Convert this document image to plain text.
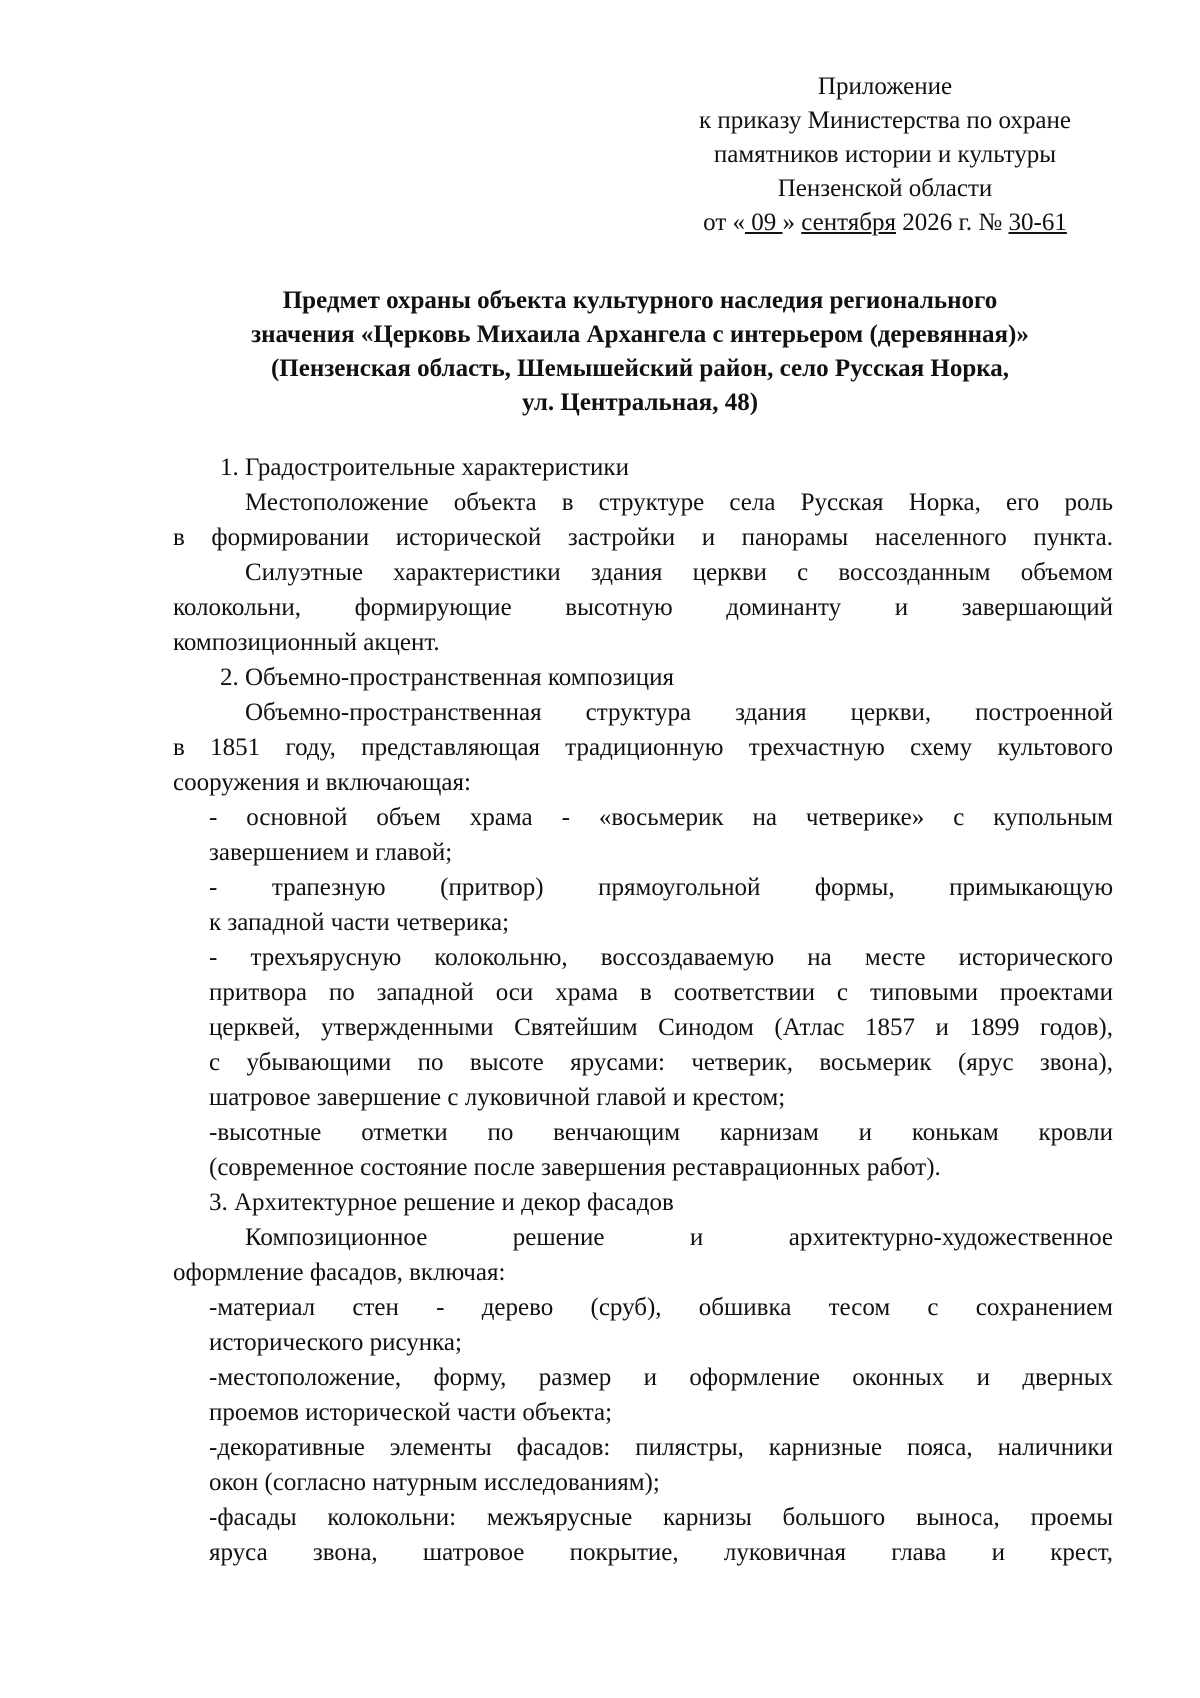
Приложение
к приказу Министерства по охране
памятников истории и культуры
Пензенской области
от « 09 » сентября 2026 г. № 30-61
Предмет охраны объекта культурного наследия регионального
значения «Церковь Михаила Архангела с интерьером (деревянная)»
(Пензенская область, Шемышейский район, село Русская Норка,
ул. Центральная, 48)
1. Градостроительные характеристики
Местоположение объекта в структуре села Русская Норка, его роль
в формировании исторической застройки и панорамы населенного пункта.
Силуэтные характеристики здания церкви с воссозданным объемом
колокольни, формирующие высотную доминанту и завершающий
композиционный акцент.
2. Объемно-пространственная композиция
Объемно-пространственная структура здания церкви, построенной
в 1851 году, представляющая традиционную трехчастную схему культового
сооружения и включающая:
- основной объем храма - «восьмерик на четверике» с купольным
завершением и главой;
- трапезную (притвор) прямоугольной формы, примыкающую
к западной части четверика;
- трехъярусную колокольню, воссоздаваемую на месте исторического
притвора по западной оси храма в соответствии с типовыми проектами
церквей, утвержденными Святейшим Синодом (Атлас 1857 и 1899 годов),
с убывающими по высоте ярусами: четверик, восьмерик (ярус звона),
шатровое завершение с луковичной главой и крестом;
-высотные отметки по венчающим карнизам и конькам кровли
(современное состояние после завершения реставрационных работ).
3. Архитектурное решение и декор фасадов
Композиционное решение и архитектурно-художественное
оформление фасадов, включая:
-материал стен - дерево (сруб), обшивка тесом с сохранением
исторического рисунка;
-местоположение, форму, размер и оформление оконных и дверных
проемов исторической части объекта;
-декоративные элементы фасадов: пилястры, карнизные пояса, наличники
окон (согласно натурным исследованиям);
-фасады колокольни: межъярусные карнизы большого выноса, проемы
яруса звона, шатровое покрытие, луковичная глава и крест,
